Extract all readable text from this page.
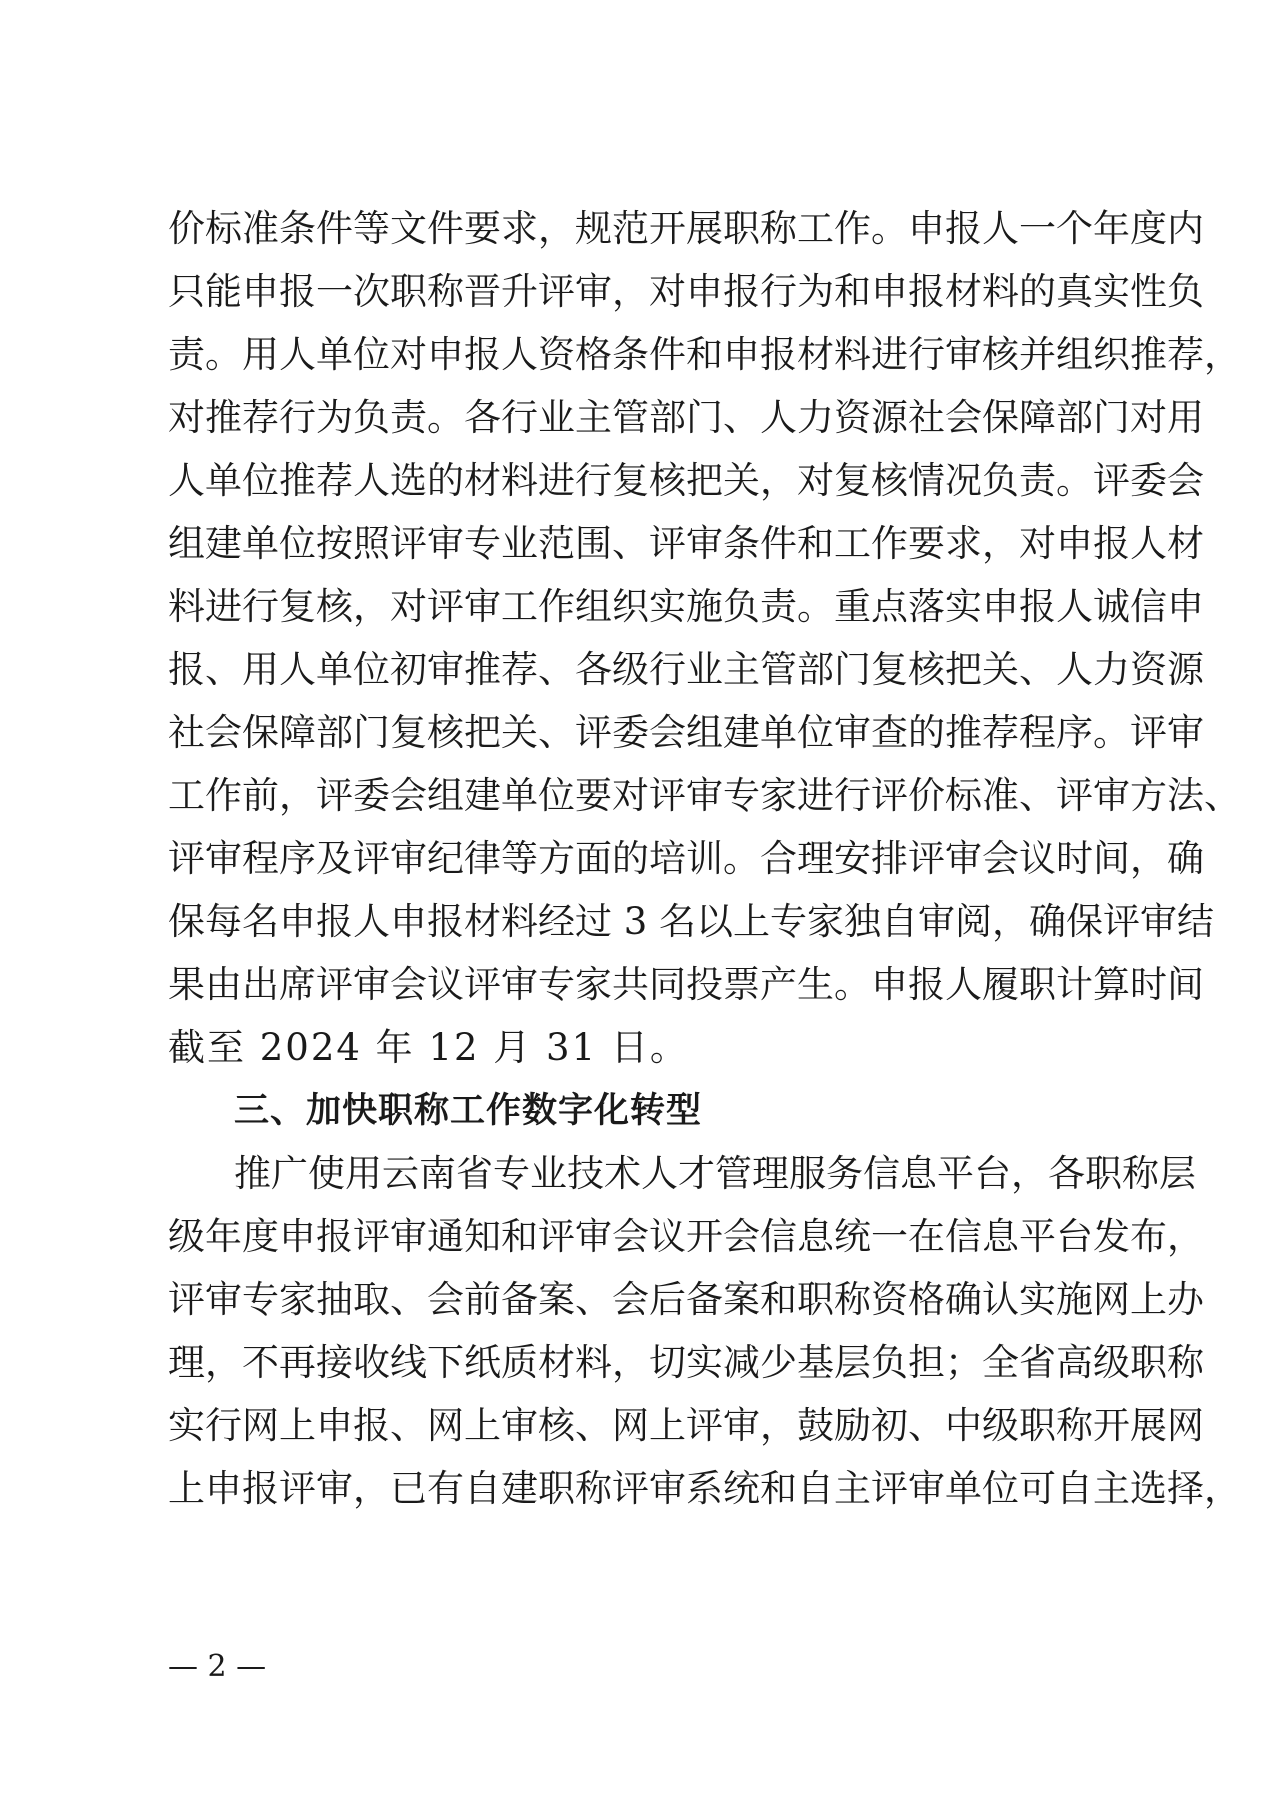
价标准条件等文件要求，规范开展职称工作。申报人一个年度内
只能申报一次职称晋升评审，对申报行为和申报材料的真实性负
责。用人单位对申报人资格条件和申报材料进行审核并组织推荐，
对推荐行为负责。各行业主管部门、人力资源社会保障部门对用
人单位推荐人选的材料进行复核把关，对复核情况负责。评委会
组建单位按照评审专业范围、评审条件和工作要求，对申报人材
料进行复核，对评审工作组织实施负责。重点落实申报人诚信申
报、用人单位初审推荐、各级行业主管部门复核把关、人力资源
社会保障部门复核把关、评委会组建单位审查的推荐程序。评审
工作前，评委会组建单位要对评审专家进行评价标准、评审方法、
评审程序及评审纪律等方面的培训。合理安排评审会议时间，确
保每名申报人申报材料经过 3 名以上专家独自审阅，确保评审结
果由出席评审会议评审专家共同投票产生。申报人履职计算时间
截至 2024 年 12 月 31 日。
三、加快职称工作数字化转型
推广使用云南省专业技术人才管理服务信息平台，各职称层
级年度申报评审通知和评审会议开会信息统一在信息平台发布，
评审专家抽取、会前备案、会后备案和职称资格确认实施网上办
理，不再接收线下纸质材料，切实减少基层负担；全省高级职称
实行网上申报、网上审核、网上评审，鼓励初、中级职称开展网
上申报评审，已有自建职称评审系统和自主评审单位可自主选择，
— 2 —
